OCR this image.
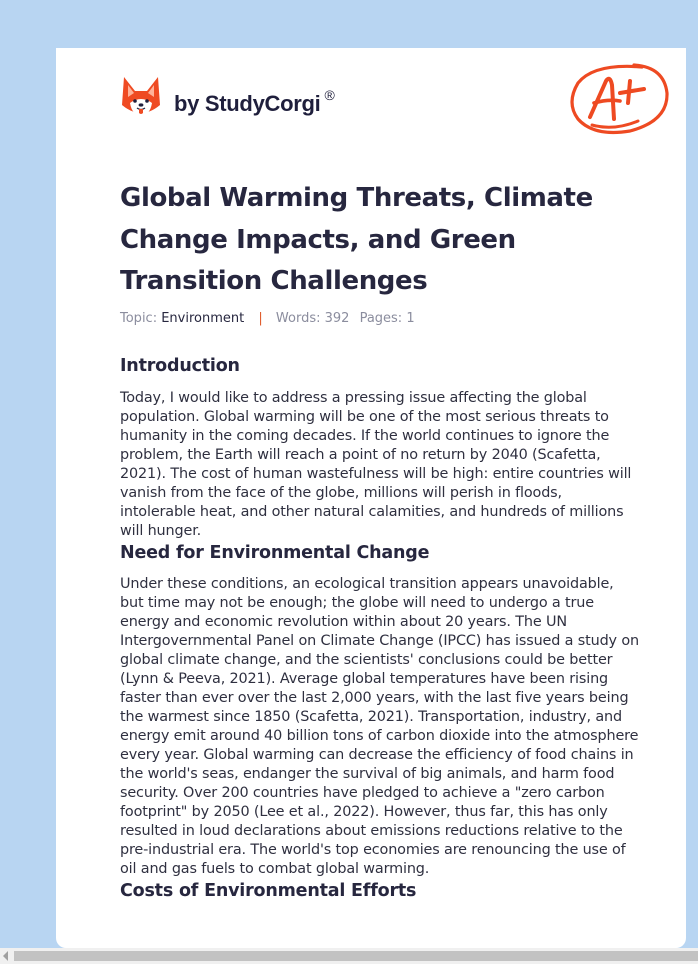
by StudyCorgi ®
Global Warming Threats, Climate Change Impacts, and Green Transition Challenges
Topic: Environment | Words: 392 Pages: 1
Introduction

Today, I would like to address a pressing issue affecting the global population. Global warming will be one of the most serious threats to humanity in the coming decades. If the world continues to ignore the problem, the Earth will reach a point of no return by 2040 (Scafetta, 2021). The cost of human wastefulness will be high: entire countries will vanish from the face of the globe, millions will perish in floods, intolerable heat, and other natural calamities, and hundreds of millions will hunger.

Need for Environmental Change

Under these conditions, an ecological transition appears unavoidable, but time may not be enough; the globe will need to undergo a true energy and economic revolution within about 20 years. The UN Intergovernmental Panel on Climate Change (IPCC) has issued a study on global climate change, and the scientists' conclusions could be better (Lynn & Peeva, 2021). Average global temperatures have been rising faster than ever over the last 2,000 years, with the last five years being the warmest since 1850 (Scafetta, 2021). Transportation, industry, and energy emit around 40 billion tons of carbon dioxide into the atmosphere every year. Global warming can decrease the efficiency of food chains in the world's seas, endanger the survival of big animals, and harm food security. Over 200 countries have pledged to achieve a "zero carbon footprint" by 2050 (Lee et al., 2022). However, thus far, this has only resulted in loud declarations about emissions reductions relative to the pre-industrial era. The world's top economies are renouncing the use of oil and gas fuels to combat global warming.

Costs of Environmental Efforts
